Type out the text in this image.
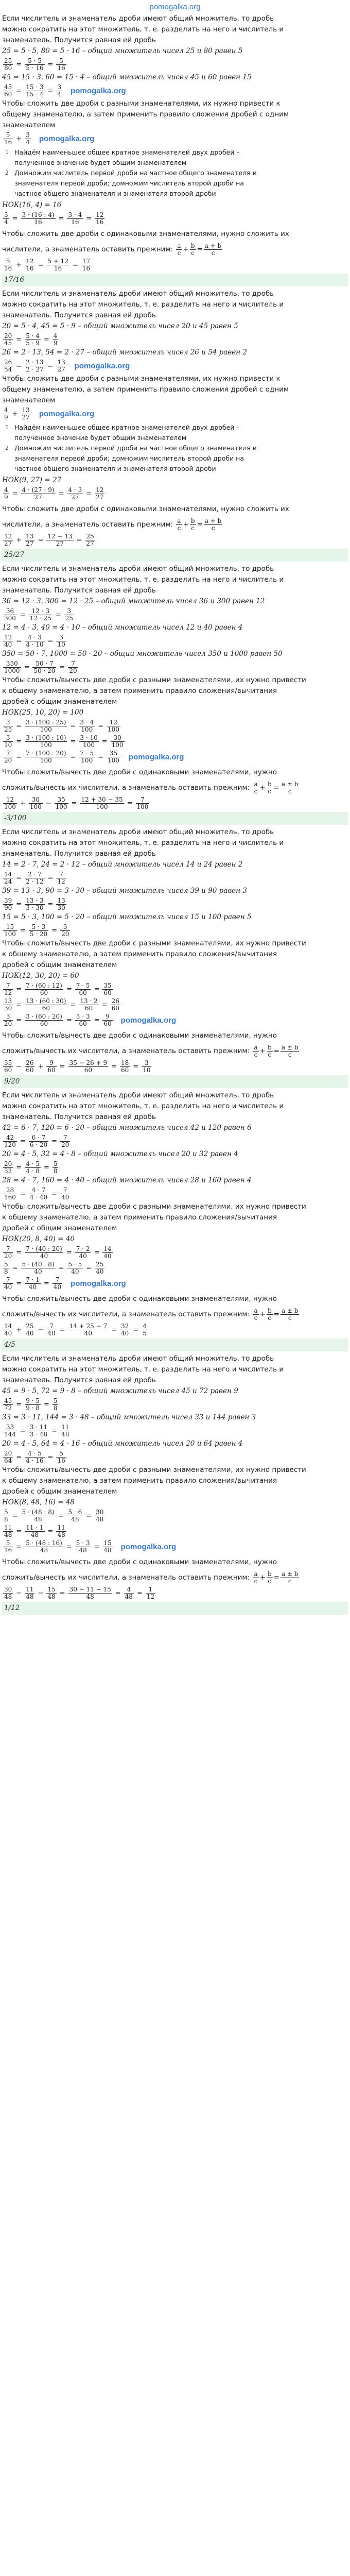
pomogalka.org
Если числитель и знаменатель дроби имеют общий множитель, то дробь
можно сократить на этот множитель, т. е. разделить на него и числитель и
знаменатель. Получится равная ей дробь
25 = 5 · 5, 80 = 5 · 16 – общий множитель чисел 25 и 80 равен 5
$\frac{25}{80} = \frac{5 \cdot 5}{5 \cdot 16} = \frac{5}{16}$
45 = 15 · 3, 60 = 15 · 4 – общий множитель чисел 45 и 60 равен 15
$\frac{45}{60} = \frac{15 \cdot 3}{15 \cdot 4} = \frac{3}{4}$ pomogalka.org
Чтобы сложить две дроби с разными знаменателями, их нужно привести к
общему знаменателю, а затем применить правило сложения дробей с одним
знаменателем
$\frac{5}{16} + \frac{3}{4}$ pomogalka.org
1 Найдём наименьшее общее кратное знаменателей двух дробей –
полученное значение будет общим знаменателем
2 Домножим числитель первой дроби на частное общего знаменателя и
знаменателя первой дроби; домножим числитель второй дроби на
частное общего знаменателя и знаменателя второй дроби
НОК(16, 4) = 16
$\frac{3}{4} = \frac{3 \cdot (16 : 4)}{16} = \frac{3 \cdot 4}{16} = \frac{12}{16}$
Чтобы сложить две дроби с одинаковыми знаменателями, нужно сложить их
числители, а знаменатель оставить прежним:
$\frac{a}{c} + \frac{b}{c} = \frac{a + b}{c}$
$\frac{5}{16} + \frac{12}{16} = \frac{5 + 12}{16} = \frac{17}{16}$
17/16
Если числитель и знаменатель дроби имеют общий множитель, то дробь
можно сократить на этот множитель, т. е. разделить на него и числитель и
знаменатель. Получится равная ей дробь
20 = 5 · 4, 45 = 5 · 9 – общий множитель чисел 20 и 45 равен 5
$\frac{20}{45} = \frac{5 \cdot 4}{5 \cdot 9} = \frac{4}{9}$
26 = 2 · 13, 54 = 2 · 27 – общий множитель чисел 26 и 54 равен 2
$\frac{26}{54} = \frac{2 \cdot 13}{2 \cdot 27} = \frac{13}{27}$ pomogalka.org
Чтобы сложить две дроби с разными знаменателями, их нужно привести к
общему знаменателю, а затем применить правило сложения дробей с одним
знаменателем
$\frac{4}{9} + \frac{13}{27}$ pomogalka.org
1 Найдём наименьшее общее кратное знаменателей двух дробей –
полученное значение будет общим знаменателем
2 Домножим числитель первой дроби на частное общего знаменателя и
знаменателя первой дроби; домножим числитель второй дроби на
частное общего знаменателя и знаменателя второй дроби
НОК(9, 27) = 27
$\frac{4}{9} = \frac{4 \cdot (27 : 9)}{27} = \frac{4 \cdot 3}{27} = \frac{12}{27}$
Чтобы сложить две дроби с одинаковыми знаменателями, нужно сложить их
числители, а знаменатель оставить прежним:
$\frac{a}{c} + \frac{b}{c} = \frac{a + b}{c}$
$\frac{12}{27} + \frac{13}{27} = \frac{12 + 13}{27} = \frac{25}{27}$
25/27
Если числитель и знаменатель дроби имеют общий множитель, то дробь
можно сократить на этот множитель, т. е. разделить на него и числитель и
знаменатель. Получится равная ей дробь
36 = 12 · 3, 300 = 12 · 25 – общий множитель чисел 36 и 300 равен 12
$\frac{36}{300} = \frac{12 \cdot 3}{12 \cdot 25} = \frac{3}{25}$
12 = 4 · 3, 40 = 4 · 10 – общий множитель чисел 12 и 40 равен 4
$\frac{12}{40} = \frac{4 \cdot 3}{4 \cdot 10} = \frac{3}{10}$
350 = 50 · 7, 1000 = 50 · 20 – общий множитель чисел 350 и 1000 равен 50
$\frac{350}{1000} = \frac{50 \cdot 7}{50 \cdot 20} = \frac{7}{20}$
Чтобы сложить/вычесть две дроби с разными знаменателями, их нужно привести
к общему знаменателю, а затем применить правило сложения/вычитания
дробей с общим знаменателем
НОК(25, 10, 20) = 100
$\frac{3}{25} = \frac{3 \cdot (100 : 25)}{100} = \frac{3 \cdot 4}{100} = \frac{12}{100}$
$\frac{3}{10} = \frac{3 \cdot (100 : 10)}{100} = \frac{3 \cdot 10}{100} = \frac{30}{100}$
$\frac{7}{20} = \frac{7 \cdot (100 : 20)}{100} = \frac{7 \cdot 5}{100} = \frac{35}{100}$ pomogalka.org
Чтобы сложить/вычесть две дроби с одинаковыми знаменателями, нужно
сложить/вычесть их числители, а знаменатель оставить прежним:
$\frac{a}{c} + \frac{b}{c} = \frac{a \pm b}{c}$
$\frac{12}{100} + \frac{30}{100} - \frac{35}{100} = \frac{12 + 30 - 35}{100} = \frac{7}{100}$
-3/100
Если числитель и знаменатель дроби имеют общий множитель, то дробь
можно сократить на этот множитель, т. е. разделить на него и числитель и
знаменатель. Получится равная ей дробь
14 = 2 · 7, 24 = 2 · 12 – общий множитель чисел 14 и 24 равен 2
$\frac{14}{24} = \frac{2 \cdot 7}{2 \cdot 12} = \frac{7}{12}$
39 = 13 · 3, 90 = 3 · 30 – общий множитель чисел 39 и 90 равен 3
$\frac{39}{90} = \frac{13 \cdot 3}{3 \cdot 30} = \frac{13}{30}$
15 = 5 · 3, 100 = 5 · 20 – общий множитель чисел 15 и 100 равен 5
$\frac{15}{100} = \frac{5 \cdot 3}{5 \cdot 20} = \frac{3}{20}$
Чтобы сложить/вычесть две дроби с разными знаменателями, их нужно привести
к общему знаменателю, а затем применить правило сложения/вычитания
дробей с общим знаменателем
НОК(12, 30, 20) = 60
$\frac{7}{12} = \frac{7 \cdot (60 : 12)}{60} = \frac{7 \cdot 5}{60} = \frac{35}{60}$
$\frac{13}{30} = \frac{13 \cdot (60 : 30)}{60} = \frac{13 \cdot 2}{60} = \frac{26}{60}$
$\frac{3}{20} = \frac{3 \cdot (60 : 20)}{60} = \frac{3 \cdot 3}{60} = \frac{9}{60}$ pomogalka.org
Чтобы сложить/вычесть две дроби с одинаковыми знаменателями, нужно
сложить/вычесть их числители, а знаменатель оставить прежним:
$\frac{a}{c} + \frac{b}{c} = \frac{a \pm b}{c}$
$\frac{35}{60} - \frac{26}{60} + \frac{9}{60} = \frac{35 - 26 + 9}{60} = \frac{18}{60} = \frac{3}{10}$
9/20
Если числитель и знаменатель дроби имеют общий множитель, то дробь
можно сократить на этот множитель, т. е. разделить на него и числитель и
знаменатель. Получится равная ей дробь
42 = 6 · 7, 120 = 6 · 20 – общий множитель чисел 42 и 120 равен 6
$\frac{42}{120} = \frac{6 \cdot 7}{6 \cdot 20} = \frac{7}{20}$
20 = 4 · 5, 32 = 4 · 8 – общий множитель чисел 20 и 32 равен 4
$\frac{20}{32} = \frac{4 \cdot 5}{4 \cdot 8} = \frac{5}{8}$
28 = 4 · 7, 160 = 4 · 40 – общий множитель чисел 28 и 160 равен 4
$\frac{28}{160} = \frac{4 \cdot 7}{4 \cdot 40} = \frac{7}{40}$
Чтобы сложить/вычесть две дроби с разными знаменателями, их нужно привести
к общему знаменателю, а затем применить правило сложения/вычитания
дробей с общим знаменателем
НОК(20, 8, 40) = 40
$\frac{7}{20} = \frac{7 \cdot (40 : 20)}{40} = \frac{7 \cdot 2}{40} = \frac{14}{40}$
$\frac{5}{8} = \frac{5 \cdot (40 : 8)}{40} = \frac{5 \cdot 5}{40} = \frac{25}{40}$
$\frac{7}{40} = \frac{7 \cdot 1}{40} = \frac{7}{40}$ pomogalka.org
Чтобы сложить/вычесть две дроби с одинаковыми знаменателями, нужно
сложить/вычесть их числители, а знаменатель оставить прежним:
$\frac{a}{c} + \frac{b}{c} = \frac{a \pm b}{c}$
$\frac{14}{40} + \frac{25}{40} - \frac{7}{40} = \frac{14 + 25 - 7}{40} = \frac{32}{40} = \frac{4}{5}$
4/5
Если числитель и знаменатель дроби имеют общий множитель, то дробь
можно сократить на этот множитель, т. е. разделить на него и числитель и
знаменатель. Получится равная ей дробь
45 = 9 · 5, 72 = 9 · 8 – общий множитель чисел 45 и 72 равен 9
$\frac{45}{72} = \frac{9 \cdot 5}{9 \cdot 8} = \frac{5}{8}$
33 = 3 · 11, 144 = 3 · 48 – общий множитель чисел 33 и 144 равен 3
$\frac{33}{144} = \frac{3 \cdot 11}{3 \cdot 48} = \frac{11}{48}$
20 = 4 · 5, 64 = 4 · 16 – общий множитель чисел 20 и 64 равен 4
$\frac{20}{64} = \frac{4 \cdot 5}{4 \cdot 16} = \frac{5}{16}$
Чтобы сложить/вычесть две дроби с разными знаменателями, их нужно привести
к общему знаменателю, а затем применить правило сложения/вычитания
дробей с общим знаменателем
НОК(8, 48, 16) = 48
$\frac{5}{8} = \frac{5 \cdot (48 : 8)}{48} = \frac{5 \cdot 6}{48} = \frac{30}{48}$
$\frac{11}{48} = \frac{11 \cdot 1}{48} = \frac{11}{48}$
$\frac{5}{16} = \frac{5 \cdot (48 : 16)}{48} = \frac{5 \cdot 3}{48} = \frac{15}{48}$ pomogalka.org
Чтобы сложить/вычесть две дроби с одинаковыми знаменателями, нужно
сложить/вычесть их числители, а знаменатель оставить прежним:
$\frac{a}{c} + \frac{b}{c} = \frac{a \pm b}{c}$
$\frac{30}{48} - \frac{11}{48} - \frac{15}{48} = \frac{30 - 11 - 15}{48} = \frac{4}{48} = \frac{1}{12}$
1/12
